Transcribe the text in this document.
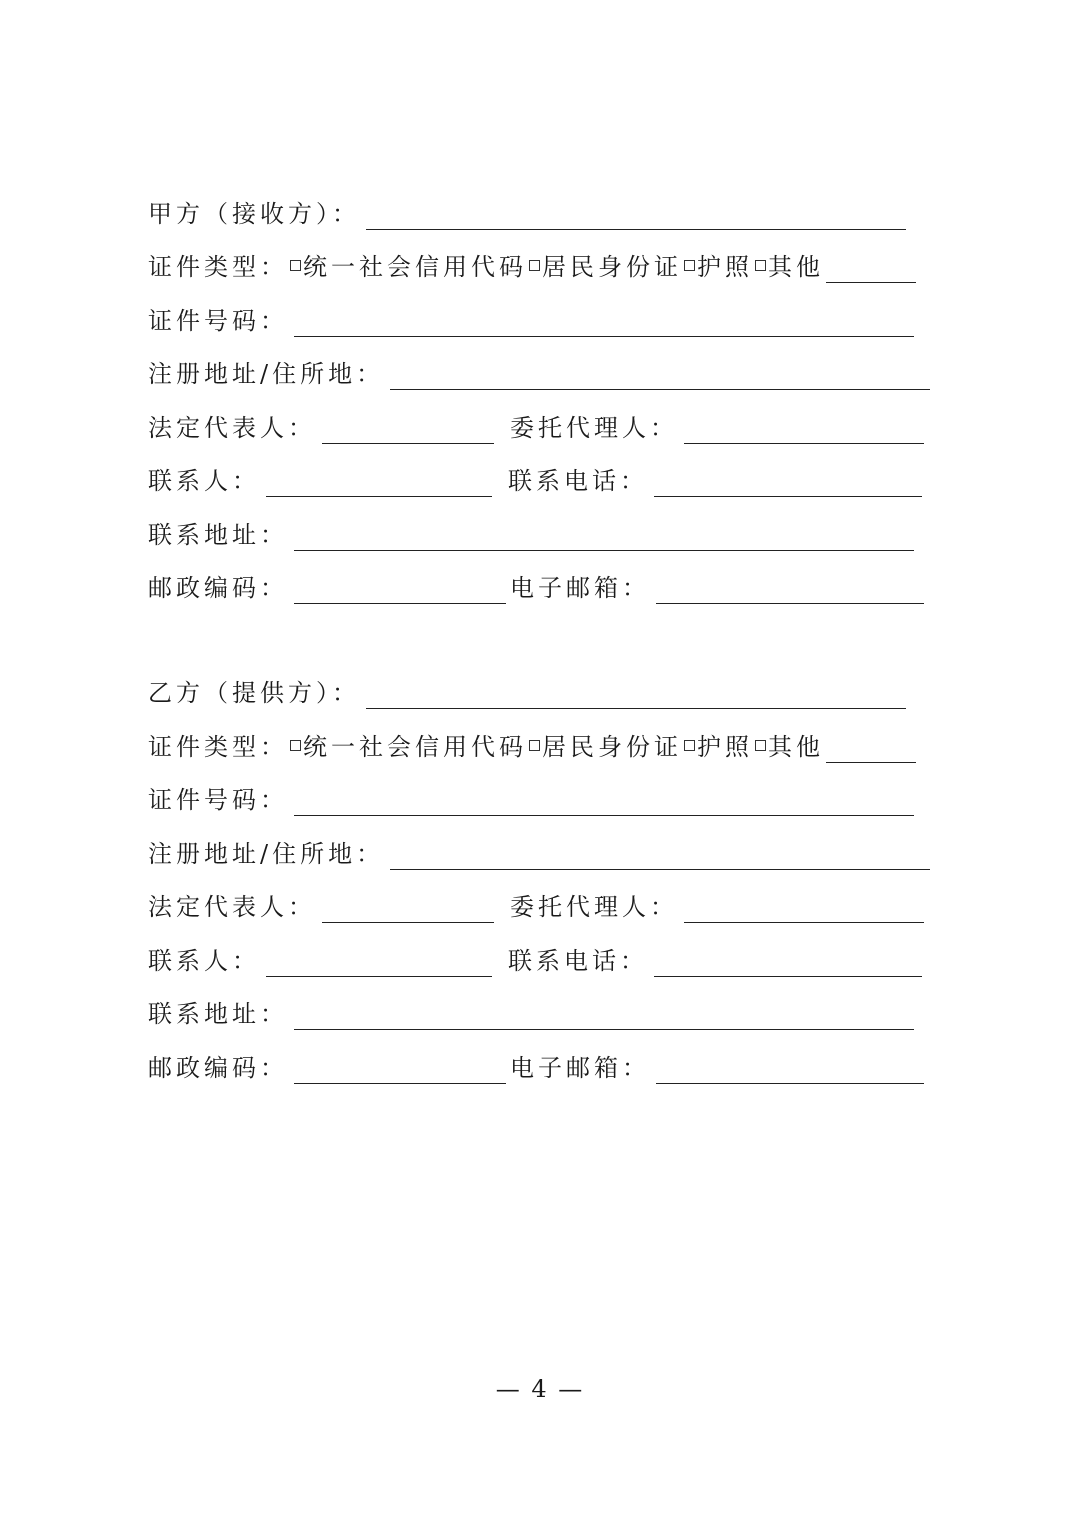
甲方（接收方）：
证件类型： 统一社会信用代码 居民身份证 护照 其他
证件号码：
注册地址/住所地：
法定代表人：	委托代理人：
联系人：	联系电话：
联系地址：
邮政编码：	电子邮箱：
乙方（提供方）：
证件类型： 统一社会信用代码 居民身份证 护照 其他
证件号码：
注册地址/住所地：
法定代表人：	委托代理人：
联系人：	联系电话：
联系地址：
邮政编码：	电子邮箱：
— 4 —
